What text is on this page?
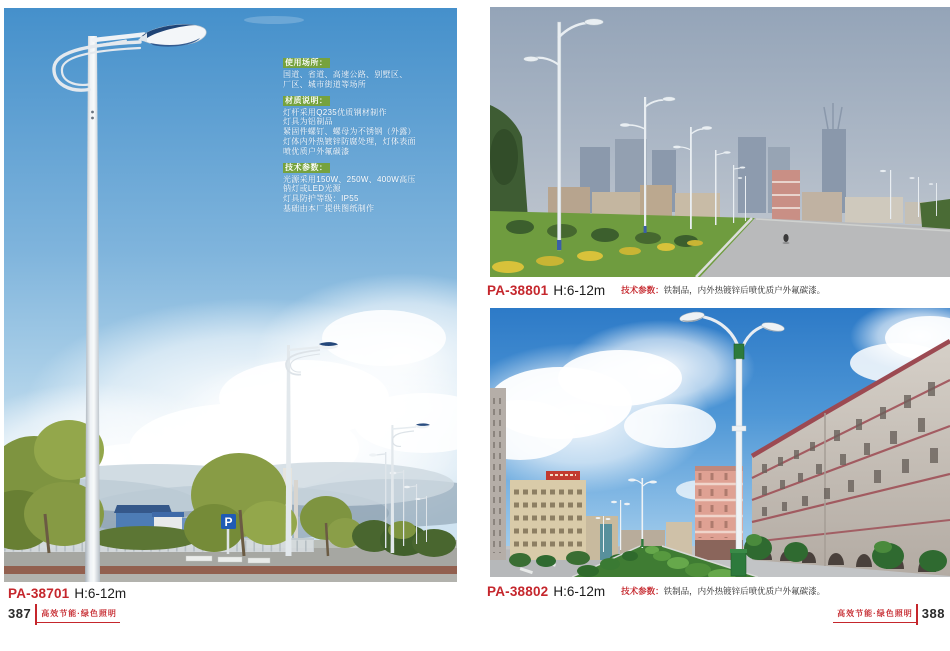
P
使用场所：
国道、省道、高速公路、别墅区、
厂区、城市街道等场所
材质说明：
灯杆采用Q235优质钢材制作
灯具为铝制品
紧固件螺钉、螺母为不锈钢（外露）
灯体内外热镀锌防腐处理，灯体表面
喷优质户外氟碳漆
技术参数：
光源采用150W、250W、400W高压
钠灯或LED光源
灯具防护等级：IP55
基础由本厂提供图纸制作
PA-38701 H:6-12m
PA-38801 H:6-12m 技术参数：铁制品，内外热镀锌后喷优质户外氟碳漆。
PA-38802 H:6-12m 技术参数：铁制品，内外热镀锌后喷优质户外氟碳漆。
387	高效节能·绿色照明	高效节能·绿色照明 388
